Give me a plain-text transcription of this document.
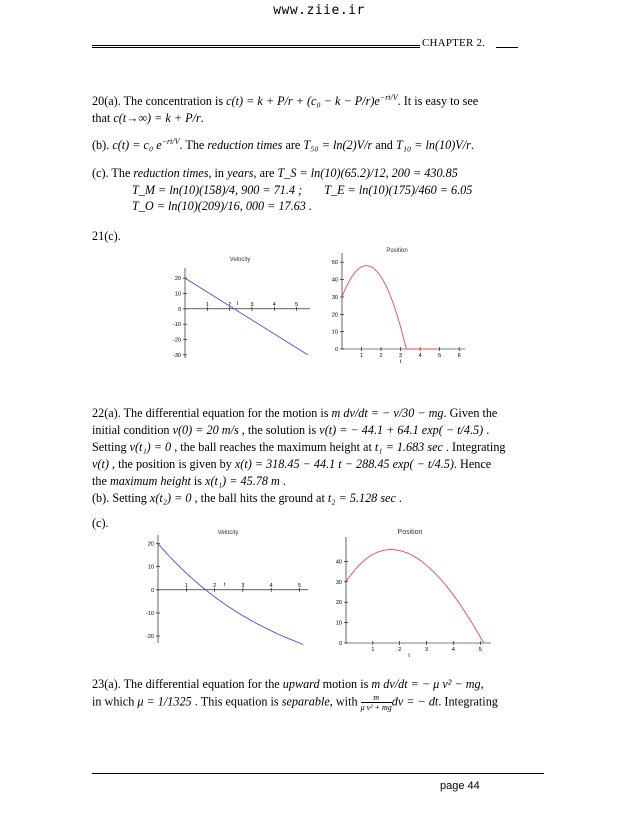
www.ziie.ir
CHAPTER 2.
20(a). The concentration is $c(t) = k + P/r + (c_0 - k - P/r)e^{-rt/V}$. It is easy to see
that c(t→∞) = k + P/r.
(b). c(t) = c₀ $e^{-rt/V}$. The reduction times are T₅₀ = ln(2)V/r and T₁₀ = ln(10)V/r.
(c). The reduction times, in years, are T_S = ln(10)(65.2)/12, 200 = 430.85
T_M = ln(10)(158)/4, 900 = 71.4 ; T_E = ln(10)(175)/460 = 6.05
T_O = ln(10)(209)/16, 000 = 17.63 .
21(c).
Velocity
20
10
0
-10
-20
-30
1	2	3	4	5
t
Position
0
10
20
30
40
50
1	2	3	4	5	6
t
22(a). The differential equation for the motion is m dv/dt = − v/30 − mg. Given the
initial condition v(0) = 20 m/s , the solution is v(t) = − 44.1 + 64.1 exp( − t/4.5) .
Setting v(t₁) = 0 , the ball reaches the maximum height at t₁ = 1.683 sec . Integrating
v(t) , the position is given by x(t) = 318.45 − 44.1 t − 288.45 exp( − t/4.5). Hence
the maximum height is x(t₁) = 45.78 m .
(b). Setting x(t₂) = 0 , the ball hits the ground at t₂ = 5.128 sec .
(c).
Velocity
20
10
0
-10
-20
1	2	3	4	5
t
Position
0
10
20
30
40
1	2	3	4	5
t
23(a). The differential equation for the upward motion is m dv/dt = − μ v² − mg,
in which μ = 1/1325 . This equation is separable, with $\frac{m}{\text{μ v² + mg}}$ dv = − dt. Integrating
page 44
